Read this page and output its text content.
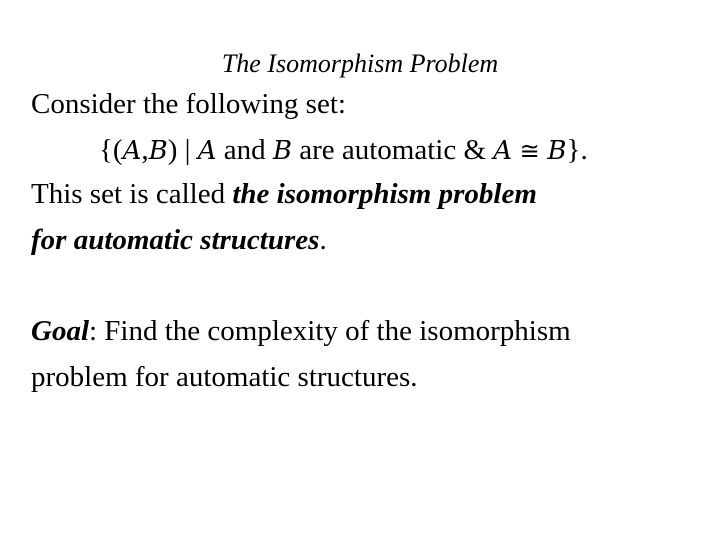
The Isomorphism Problem
Consider the following set:
{(A,B) | A and B are automatic & A ≅ B}.
This set is called the isomorphism problem
for automatic structures.
Goal: Find the complexity of the isomorphism
problem for automatic structures.
